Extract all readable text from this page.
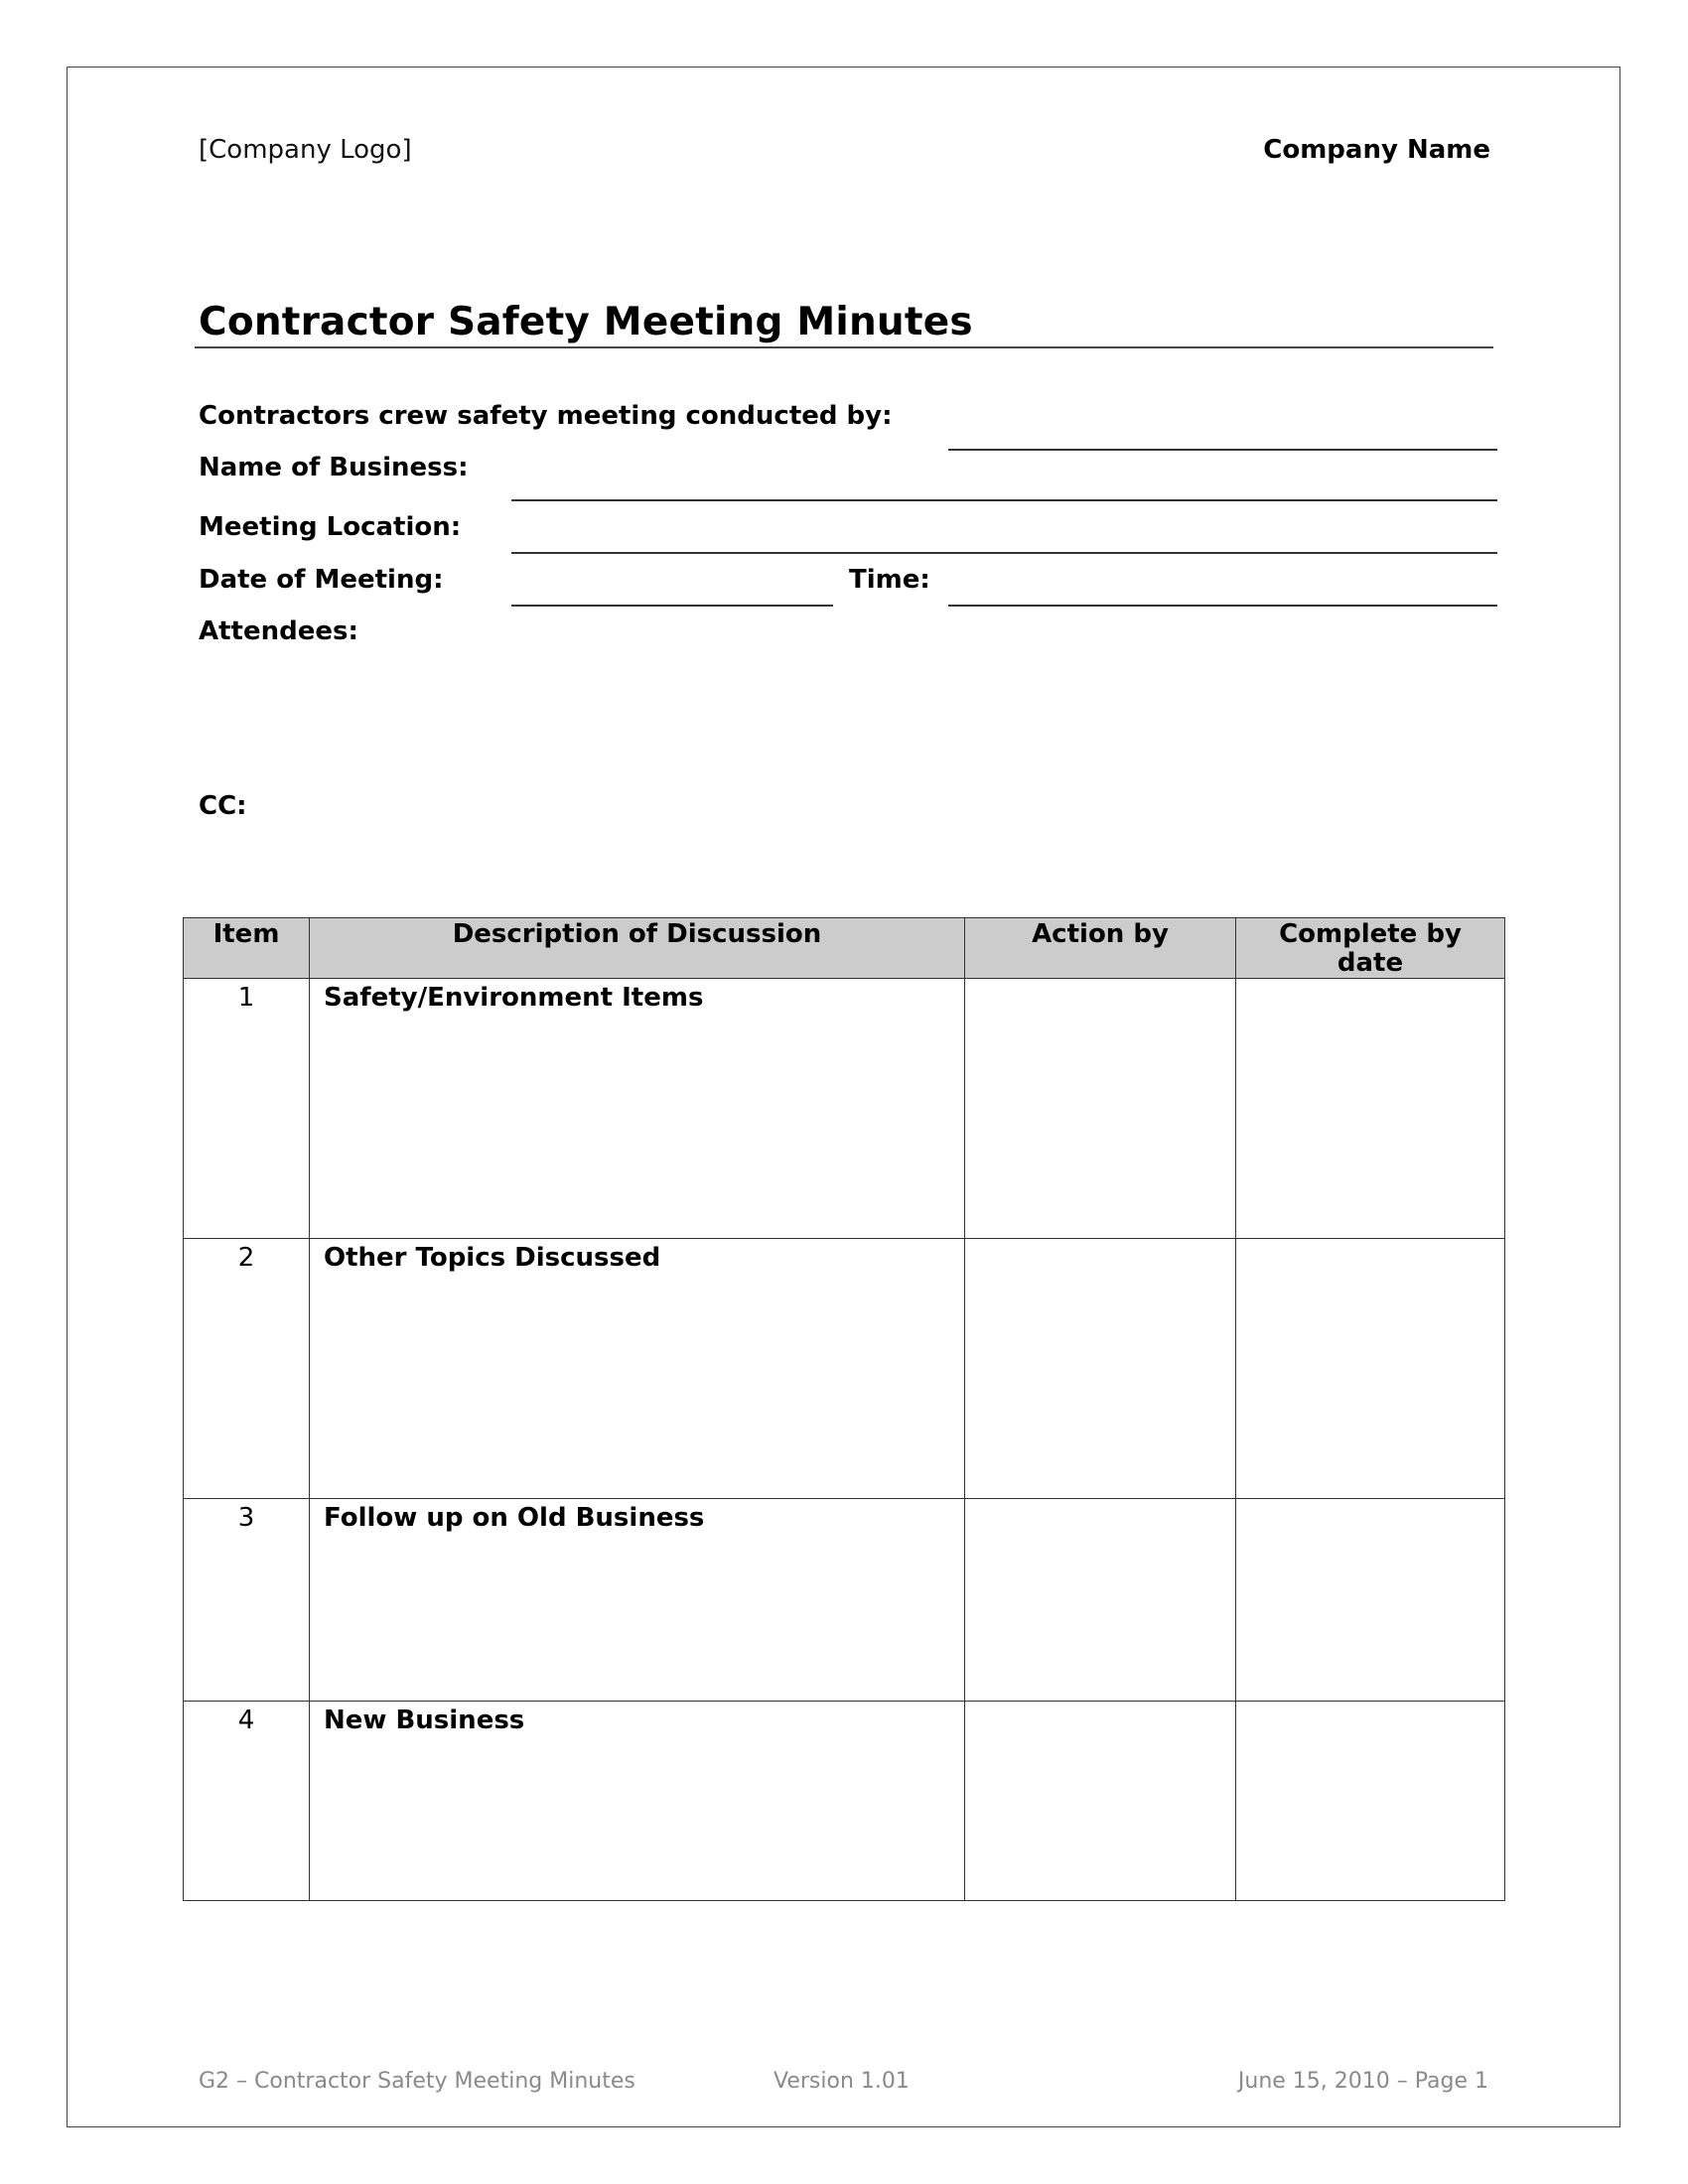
[Company Logo]	Company Name
Contractor Safety Meeting Minutes
Contractors crew safety meeting conducted by:
Name of Business:
Meeting Location:
Date of Meeting:	Time:
Attendees:
CC:
Item	Description of Discussion	Action by	Complete by date
1	Safety/Environment Items		
2	Other Topics Discussed		
3	Follow up on Old Business		
4	New Business		
G2 – Contractor Safety Meeting Minutes	Version 1.01	June 15, 2010 – Page 1
